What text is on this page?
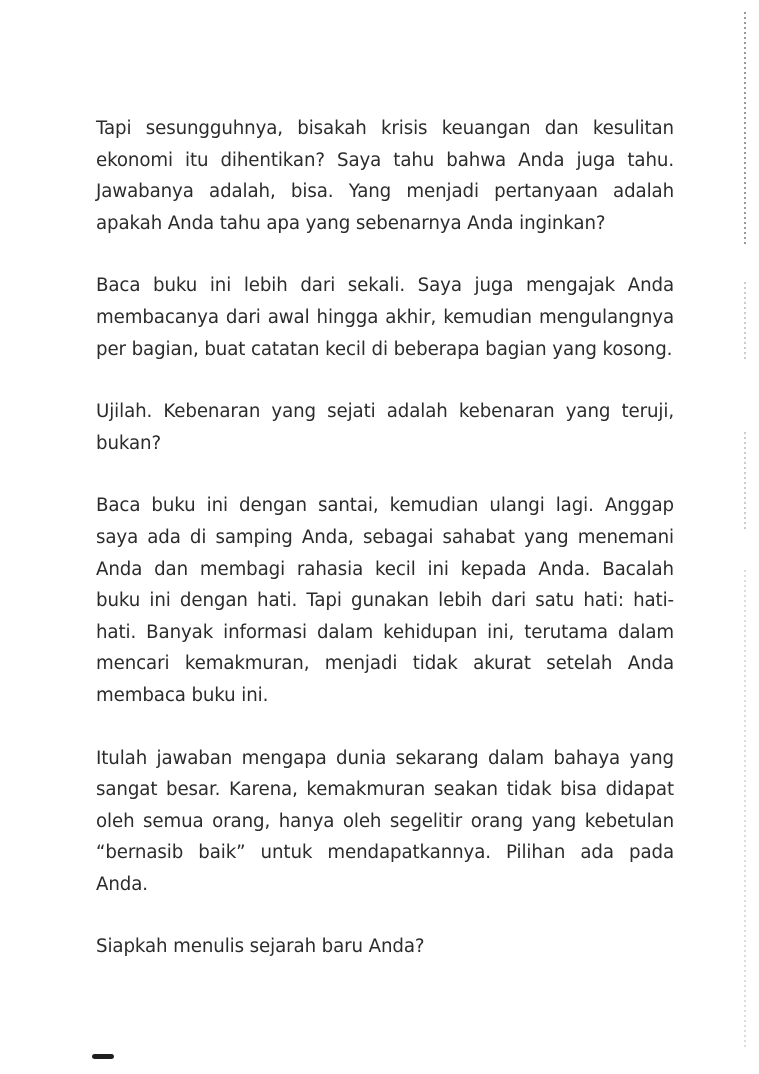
Tapi sesungguhnya, bisakah krisis keuangan dan kesulitan ekonomi itu dihentikan? Saya tahu bahwa Anda juga tahu. Jawabanya adalah, bisa. Yang menjadi pertanyaan adalah apakah Anda tahu apa yang sebenarnya Anda inginkan?

Baca buku ini lebih dari sekali. Saya juga mengajak Anda membacanya dari awal hingga akhir, kemudian mengulangnya per bagian, buat catatan kecil di beberapa bagian yang kosong.

Ujilah. Kebenaran yang sejati adalah kebenaran yang teruji, bukan?

Baca buku ini dengan santai, kemudian ulangi lagi. Anggap saya ada di samping Anda, sebagai sahabat yang menemani Anda dan membagi rahasia kecil ini kepada Anda. Bacalah buku ini dengan hati. Tapi gunakan lebih dari satu hati: hati-hati. Banyak informasi dalam kehidupan ini, terutama dalam mencari kemakmuran, menjadi tidak akurat setelah Anda membaca buku ini.

Itulah jawaban mengapa dunia sekarang dalam bahaya yang sangat besar. Karena, kemakmuran seakan tidak bisa didapat oleh semua orang, hanya oleh segelitir orang yang kebetulan “bernasib baik” untuk mendapatkannya. Pilihan ada pada Anda.

Siapkah menulis sejarah baru Anda?
